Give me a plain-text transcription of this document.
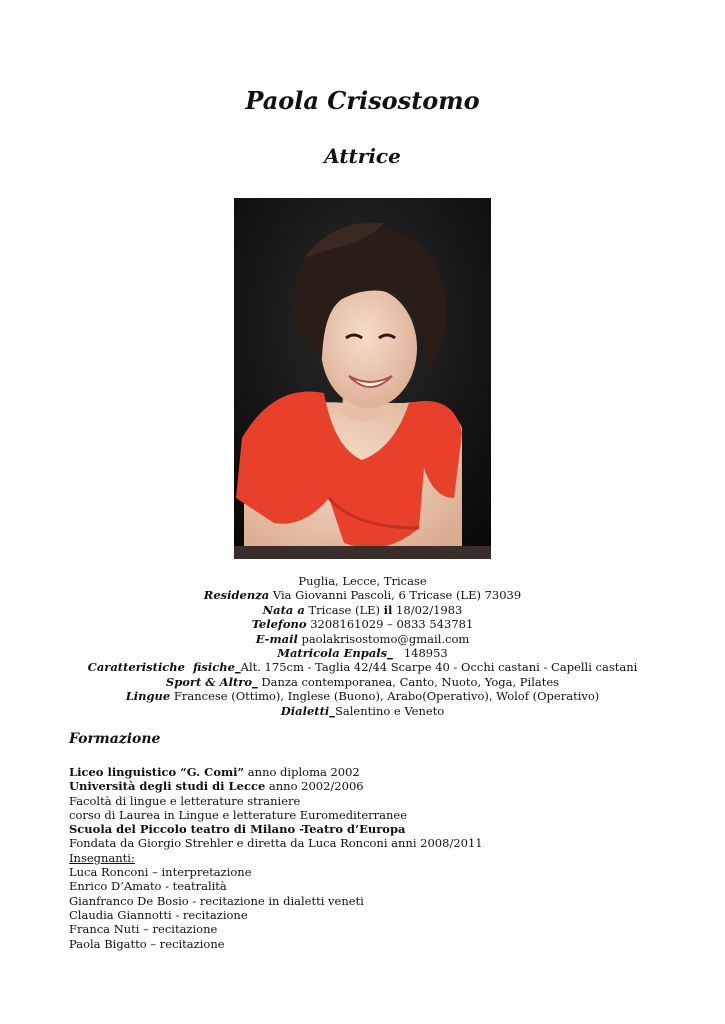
Paola Crisostomo
Attrice
Puglia, Lecce, Tricase
Residenza Via Giovanni Pascoli, 6 Tricase (LE) 73039
Nata a Tricase (LE) il 18/02/1983
Telefono 3208161029 – 0833 543781
E-mail paolakrisostomo@gmail.com
Matricola Enpals_   148953
Caratteristiche  fisiche_Alt. 175cm - Taglia 42/44 Scarpe 40 - Occhi castani - Capelli castani
Sport & Altro_ Danza contemporanea, Canto, Nuoto, Yoga, Pilates
Lingue Francese (Ottimo), Inglese (Buono), Arabo(Operativo), Wolof (Operativo)
Dialetti_Salentino e Veneto
Formazione
Liceo linguistico “G. Comi” anno diploma 2002
Università degli studi di Lecce anno 2002/2006
Facoltà di lingue e letterature straniere
corso di Laurea in Lingue e letterature Euromediterranee
Scuola del Piccolo teatro di Milano -Teatro d’Europa
Fondata da Giorgio Strehler e diretta da Luca Ronconi anni 2008/2011
Insegnanti:
Luca Ronconi – interpretazione
Enrico D’Amato - teatralità
Gianfranco De Bosio - recitazione in dialetti veneti
Claudia Giannotti - recitazione
Franca Nuti – recitazione
Paola Bigatto – recitazione
